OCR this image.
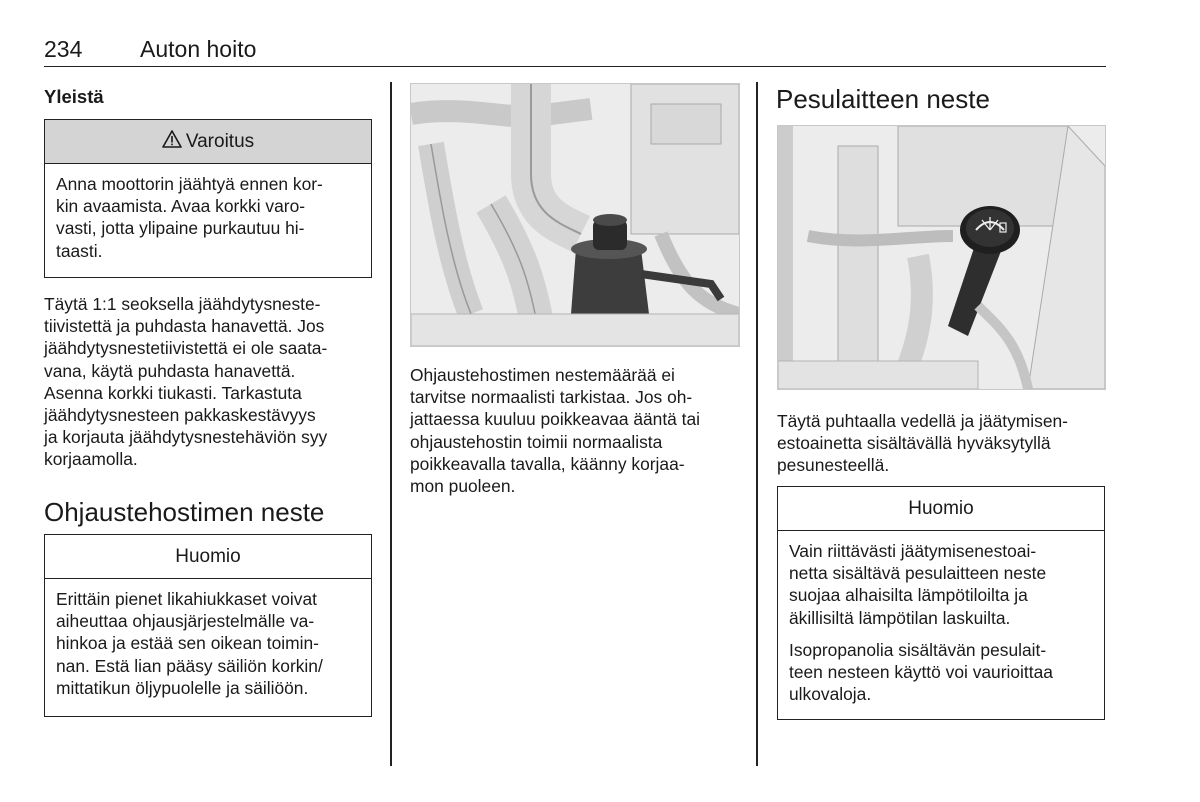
234	Auton hoito
Yleistä
Varoitus
Anna moottorin jäähtyä ennen kor-
kin avaamista. Avaa korkki varo-
vasti, jotta ylipaine purkautuu hi-
taasti.
Täytä 1:1 seoksella jäähdytysneste-
tiivistettä ja puhdasta hanavettä. Jos
jäähdytysnestetiivistettä ei ole saata-
vana, käytä puhdasta hanavettä.
Asenna korkki tiukasti. Tarkastuta
jäähdytysnesteen pakkaskestävyys
ja korjauta jäähdytysnestehäviön syy
korjaamolla.
Ohjaustehostimen neste
Huomio
Erittäin pienet likahiukkaset voivat
aiheuttaa ohjausjärjestelmälle va-
hinkoa ja estää sen oikean toimin-
nan. Estä lian pääsy säiliön korkin/
mittatikun öljypuolelle ja säiliöön.
Ohjaustehostimen nestemäärää ei
tarvitse normaalisti tarkistaa. Jos oh-
jattaessa kuuluu poikkeavaa ääntä tai
ohjaustehostin toimii normaalista
poikkeavalla tavalla, käänny korjaa-
mon puoleen.
Pesulaitteen neste
Täytä puhtaalla vedellä ja jäätymisen-
estoainetta sisältävällä hyväksytyllä
pesunesteellä.
Huomio

Vain riittävästi jäätymisenestoai-
netta sisältävä pesulaitteen neste
suojaa alhaisilta lämpötiloilta ja
äkillisiltä lämpötilan laskuilta.

Isopropanolia sisältävän pesulait-
teen nesteen käyttö voi vaurioittaa
ulkovaloja.
